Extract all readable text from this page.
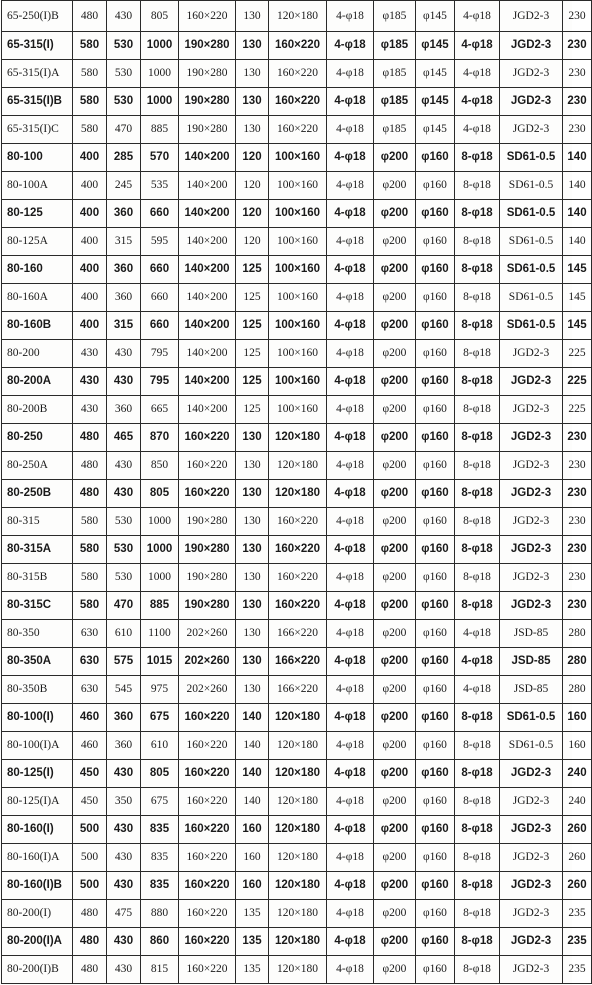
65-250(I)B	480	430	805	160×220	130	120×180	4-φ18	φ185	φ145	4-φ18	JGD2-3	230
65-315(I)	580	530	1000	190×280	130	160×220	4-φ18	φ185	φ145	4-φ18	JGD2-3	230
65-315(I)A	580	530	1000	190×280	130	160×220	4-φ18	φ185	φ145	4-φ18	JGD2-3	230
65-315(I)B	580	530	1000	190×280	130	160×220	4-φ18	φ185	φ145	4-φ18	JGD2-3	230
65-315(I)C	580	470	885	190×280	130	160×220	4-φ18	φ185	φ145	4-φ18	JGD2-3	230
80-100	400	285	570	140×200	120	100×160	4-φ18	φ200	φ160	8-φ18	SD61-0.5	140
80-100A	400	245	535	140×200	120	100×160	4-φ18	φ200	φ160	8-φ18	SD61-0.5	140
80-125	400	360	660	140×200	120	100×160	4-φ18	φ200	φ160	8-φ18	SD61-0.5	140
80-125A	400	315	595	140×200	120	100×160	4-φ18	φ200	φ160	8-φ18	SD61-0.5	140
80-160	400	360	660	140×200	125	100×160	4-φ18	φ200	φ160	8-φ18	SD61-0.5	145
80-160A	400	360	660	140×200	125	100×160	4-φ18	φ200	φ160	8-φ18	SD61-0.5	145
80-160B	400	315	660	140×200	125	100×160	4-φ18	φ200	φ160	8-φ18	SD61-0.5	145
80-200	430	430	795	140×200	125	100×160	4-φ18	φ200	φ160	8-φ18	JGD2-3	225
80-200A	430	430	795	140×200	125	100×160	4-φ18	φ200	φ160	8-φ18	JGD2-3	225
80-200B	430	360	665	140×200	125	100×160	4-φ18	φ200	φ160	8-φ18	JGD2-3	225
80-250	480	465	870	160×220	130	120×180	4-φ18	φ200	φ160	8-φ18	JGD2-3	230
80-250A	480	430	850	160×220	130	120×180	4-φ18	φ200	φ160	8-φ18	JGD2-3	230
80-250B	480	430	805	160×220	130	120×180	4-φ18	φ200	φ160	8-φ18	JGD2-3	230
80-315	580	530	1000	190×280	130	160×220	4-φ18	φ200	φ160	8-φ18	JGD2-3	230
80-315A	580	530	1000	190×280	130	160×220	4-φ18	φ200	φ160	8-φ18	JGD2-3	230
80-315B	580	530	1000	190×280	130	160×220	4-φ18	φ200	φ160	8-φ18	JGD2-3	230
80-315C	580	470	885	190×280	130	160×220	4-φ18	φ200	φ160	8-φ18	JGD2-3	230
80-350	630	610	1100	202×260	130	166×220	4-φ18	φ200	φ160	4-φ18	JSD-85	280
80-350A	630	575	1015	202×260	130	166×220	4-φ18	φ200	φ160	4-φ18	JSD-85	280
80-350B	630	545	975	202×260	130	166×220	4-φ18	φ200	φ160	4-φ18	JSD-85	280
80-100(I)	460	360	675	160×220	140	120×180	4-φ18	φ200	φ160	8-φ18	SD61-0.5	160
80-100(I)A	460	360	610	160×220	140	120×180	4-φ18	φ200	φ160	8-φ18	SD61-0.5	160
80-125(I)	450	430	805	160×220	140	120×180	4-φ18	φ200	φ160	8-φ18	JGD2-3	240
80-125(I)A	450	350	675	160×220	140	120×180	4-φ18	φ200	φ160	8-φ18	JGD2-3	240
80-160(I)	500	430	835	160×220	160	120×180	4-φ18	φ200	φ160	8-φ18	JGD2-3	260
80-160(I)A	500	430	835	160×220	160	120×180	4-φ18	φ200	φ160	8-φ18	JGD2-3	260
80-160(I)B	500	430	835	160×220	160	120×180	4-φ18	φ200	φ160	8-φ18	JGD2-3	260
80-200(I)	480	475	880	160×220	135	120×180	4-φ18	φ200	φ160	8-φ18	JGD2-3	235
80-200(I)A	480	430	860	160×220	135	120×180	4-φ18	φ200	φ160	8-φ18	JGD2-3	235
80-200(I)B	480	430	815	160×220	135	120×180	4-φ18	φ200	φ160	8-φ18	JGD2-3	235
